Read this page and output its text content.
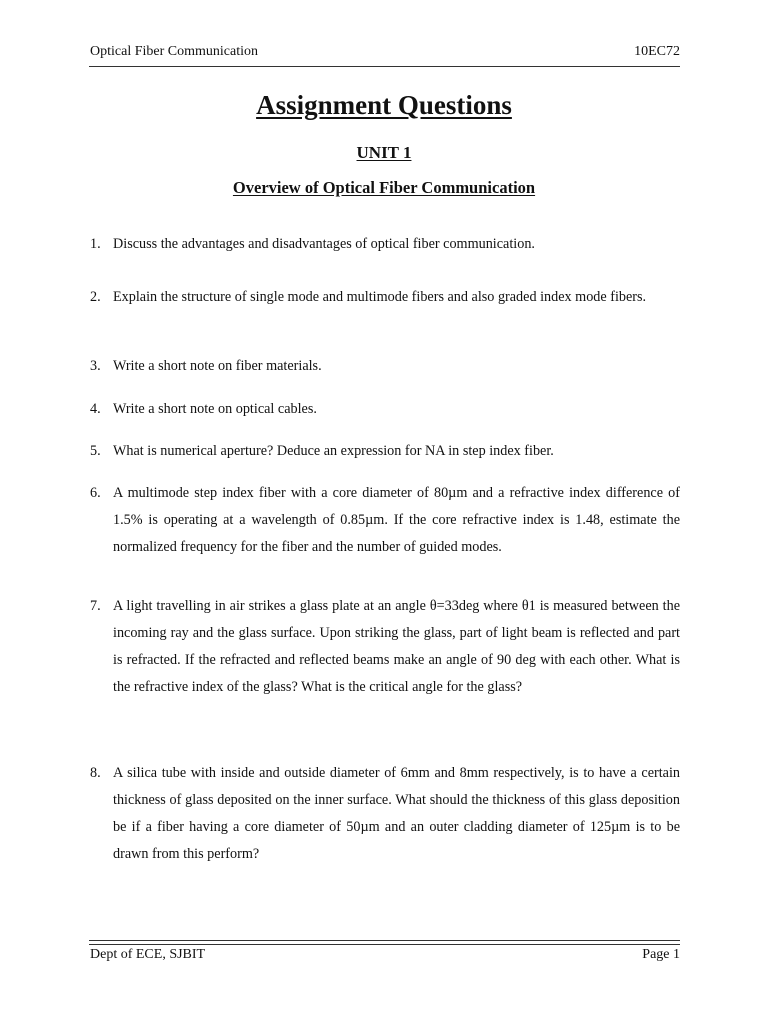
Optical Fiber Communication	10EC72
Assignment Questions
UNIT 1
Overview of Optical Fiber Communication
1. Discuss the advantages and disadvantages of optical fiber communication.
2. Explain the structure of single mode and multimode fibers and also graded index mode fibers.
3. Write a short note on fiber materials.
4. Write a short note on optical cables.
5. What is numerical aperture? Deduce an expression for NA in step index fiber.
6. A multimode step index fiber with a core diameter of 80µm and a refractive index difference of 1.5% is operating at a wavelength of 0.85µm. If the core refractive index is 1.48, estimate the normalized frequency for the fiber and the number of guided modes.
7. A light travelling in air strikes a glass plate at an angle θ=33deg where θ1 is measured between the incoming ray and the glass surface. Upon striking the glass, part of light beam is reflected and part is refracted. If the refracted and reflected beams make an angle of 90 deg with each other. What is the refractive index of the glass? What is the critical angle for the glass?
8. A silica tube with inside and outside diameter of 6mm and 8mm respectively, is to have a certain thickness of glass deposited on the inner surface. What should the thickness of this glass deposition be if a fiber having a core diameter of 50µm and an outer cladding diameter of 125µm is to be drawn from this perform?
Dept of ECE, SJBIT	Page 1
